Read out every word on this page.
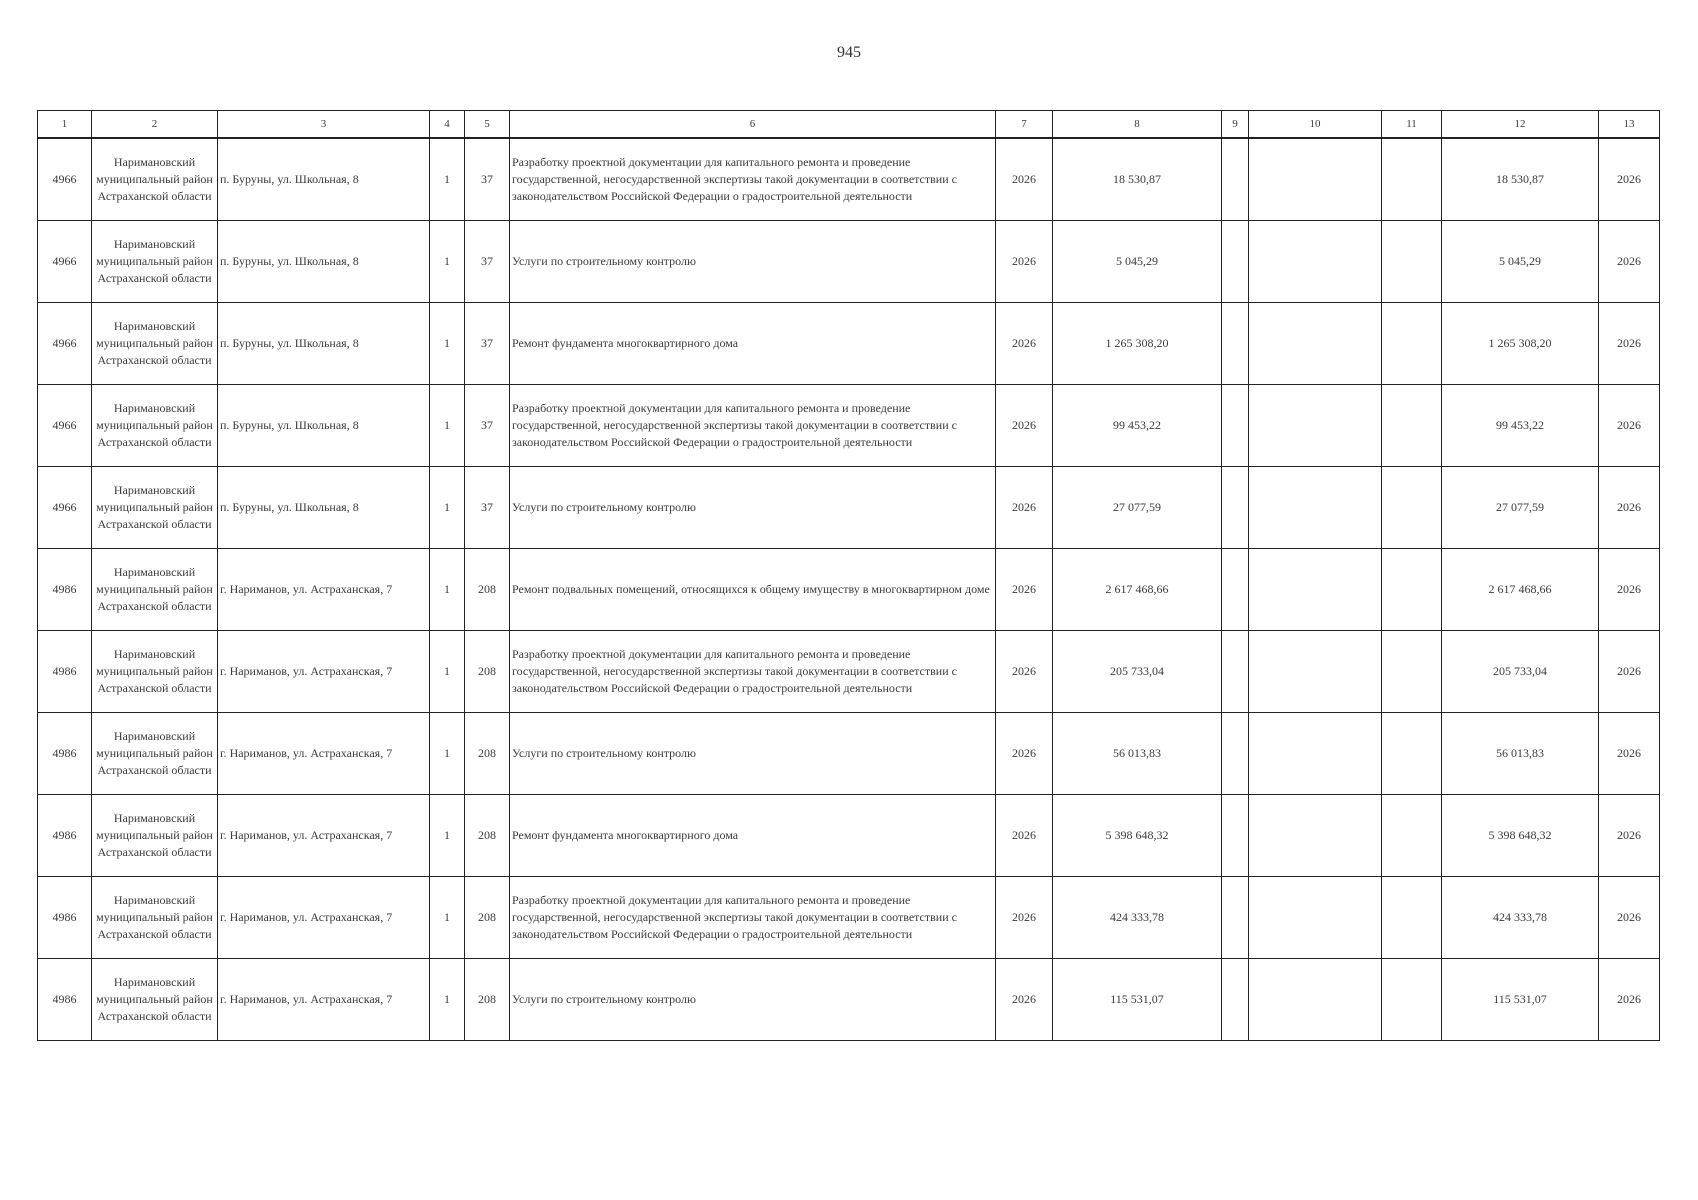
945
1	2	3	4	5	6	7	8	9	10	11	12	13
4966	Наримановский муниципальный район Астраханской области	п. Буруны, ул. Школьная, 8	1	37	Разработку проектной документации для капитального ремонта и проведение государственной, негосударственной экспертизы такой документации в соответствии с законодательством Российской Федерации о градостроительной деятельности	2026	18 530,87				18 530,87	2026
4966	Наримановский муниципальный район Астраханской области	п. Буруны, ул. Школьная, 8	1	37	Услуги по строительному контролю	2026	5 045,29				5 045,29	2026
4966	Наримановский муниципальный район Астраханской области	п. Буруны, ул. Школьная, 8	1	37	Ремонт фундамента многоквартирного дома	2026	1 265 308,20				1 265 308,20	2026
4966	Наримановский муниципальный район Астраханской области	п. Буруны, ул. Школьная, 8	1	37	Разработку проектной документации для капитального ремонта и проведение государственной, негосударственной экспертизы такой документации в соответствии с законодательством Российской Федерации о градостроительной деятельности	2026	99 453,22				99 453,22	2026
4966	Наримановский муниципальный район Астраханской области	п. Буруны, ул. Школьная, 8	1	37	Услуги по строительному контролю	2026	27 077,59				27 077,59	2026
4986	Наримановский муниципальный район Астраханской области	г. Нариманов, ул. Астраханская, 7	1	208	Ремонт подвальных помещений, относящихся к общему имуществу в многоквартирном доме	2026	2 617 468,66				2 617 468,66	2026
4986	Наримановский муниципальный район Астраханской области	г. Нариманов, ул. Астраханская, 7	1	208	Разработку проектной документации для капитального ремонта и проведение государственной, негосударственной экспертизы такой документации в соответствии с законодательством Российской Федерации о градостроительной деятельности	2026	205 733,04				205 733,04	2026
4986	Наримановский муниципальный район Астраханской области	г. Нариманов, ул. Астраханская, 7	1	208	Услуги по строительному контролю	2026	56 013,83				56 013,83	2026
4986	Наримановский муниципальный район Астраханской области	г. Нариманов, ул. Астраханская, 7	1	208	Ремонт фундамента многоквартирного дома	2026	5 398 648,32				5 398 648,32	2026
4986	Наримановский муниципальный район Астраханской области	г. Нариманов, ул. Астраханская, 7	1	208	Разработку проектной документации для капитального ремонта и проведение государственной, негосударственной экспертизы такой документации в соответствии с законодательством Российской Федерации о градостроительной деятельности	2026	424 333,78				424 333,78	2026
4986	Наримановский муниципальный район Астраханской области	г. Нариманов, ул. Астраханская, 7	1	208	Услуги по строительному контролю	2026	115 531,07				115 531,07	2026
